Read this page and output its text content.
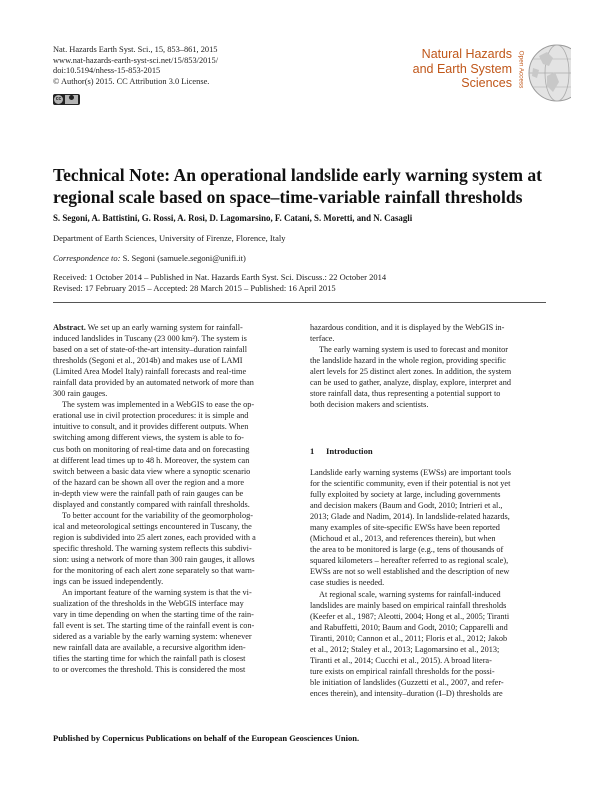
Nat. Hazards Earth Syst. Sci., 15, 853–861, 2015
www.nat-hazards-earth-syst-sci.net/15/853/2015/
doi:10.5194/nhess-15-853-2015
© Author(s) 2015. CC Attribution 3.0 License.
cc
Natural Hazards
and Earth System
Sciences Open Access
Technical Note: An operational landslide early warning system at
regional scale based on space–time-variable rainfall thresholds
S. Segoni, A. Battistini, G. Rossi, A. Rosi, D. Lagomarsino, F. Catani, S. Moretti, and N. Casagli
Department of Earth Sciences, University of Firenze, Florence, Italy
Correspondence to: S. Segoni (samuele.segoni@unifi.it)
Received: 1 October 2014 – Published in Nat. Hazards Earth Syst. Sci. Discuss.: 22 October 2014
Revised: 17 February 2015 – Accepted: 28 March 2015 – Published: 16 April 2015
Abstract. We set up an early warning system for rainfall-
induced landslides in Tuscany (23 000 km²). The system is
based on a set of state-of-the-art intensity–duration rainfall
thresholds (Segoni et al., 2014b) and makes use of LAMI
(Limited Area Model Italy) rainfall forecasts and real-time
rainfall data provided by an automated network of more than
300 rain gauges.
The system was implemented in a WebGIS to ease the op-
erational use in civil protection procedures: it is simple and
intuitive to consult, and it provides different outputs. When
switching among different views, the system is able to fo-
cus both on monitoring of real-time data and on forecasting
at different lead times up to 48 h. Moreover, the system can
switch between a basic data view where a synoptic scenario
of the hazard can be shown all over the region and a more
in-depth view were the rainfall path of rain gauges can be
displayed and constantly compared with rainfall thresholds.
To better account for the variability of the geomorpholog-
ical and meteorological settings encountered in Tuscany, the
region is subdivided into 25 alert zones, each provided with a
specific threshold. The warning system reflects this subdivi-
sion: using a network of more than 300 rain gauges, it allows
for the monitoring of each alert zone separately so that warn-
ings can be issued independently.
An important feature of the warning system is that the vi-
sualization of the thresholds in the WebGIS interface may
vary in time depending on when the starting time of the rain-
fall event is set. The starting time of the rainfall event is con-
sidered as a variable by the early warning system: whenever
new rainfall data are available, a recursive algorithm iden-
tifies the starting time for which the rainfall path is closest
to or overcomes the threshold. This is considered the most
hazardous condition, and it is displayed by the WebGIS in-
terface.
The early warning system is used to forecast and monitor
the landslide hazard in the whole region, providing specific
alert levels for 25 distinct alert zones. In addition, the system
can be used to gather, analyze, display, explore, interpret and
store rainfall data, thus representing a potential support to
both decision makers and scientists.
1 Introduction
Landslide early warning systems (EWSs) are important tools
for the scientific community, even if their potential is not yet
fully exploited by society at large, including governments
and decision makers (Baum and Godt, 2010; Intrieri et al.,
2013; Glade and Nadim, 2014). In landslide-related hazards,
many examples of site-specific EWSs have been reported
(Michoud et al., 2013, and references therein), but when
the area to be monitored is large (e.g., tens of thousands of
squared kilometers – hereafter referred to as regional scale),
EWSs are not so well established and the description of new
case studies is needed.
At regional scale, warning systems for rainfall-induced
landslides are mainly based on empirical rainfall thresholds
(Keefer et al., 1987; Aleotti, 2004; Hong et al., 2005; Tiranti
and Rabuffetti, 2010; Baum and Godt, 2010; Capparelli and
Tiranti, 2010; Cannon et al., 2011; Floris et al., 2012; Jakob
et al., 2012; Staley et al., 2013; Lagomarsino et al., 2013;
Tiranti et al., 2014; Cucchi et al., 2015). A broad litera-
ture exists on empirical rainfall thresholds for the possi-
ble initiation of landslides (Guzzetti et al., 2007, and refer-
ences therein), and intensity–duration (I–D) thresholds are
Published by Copernicus Publications on behalf of the European Geosciences Union.
